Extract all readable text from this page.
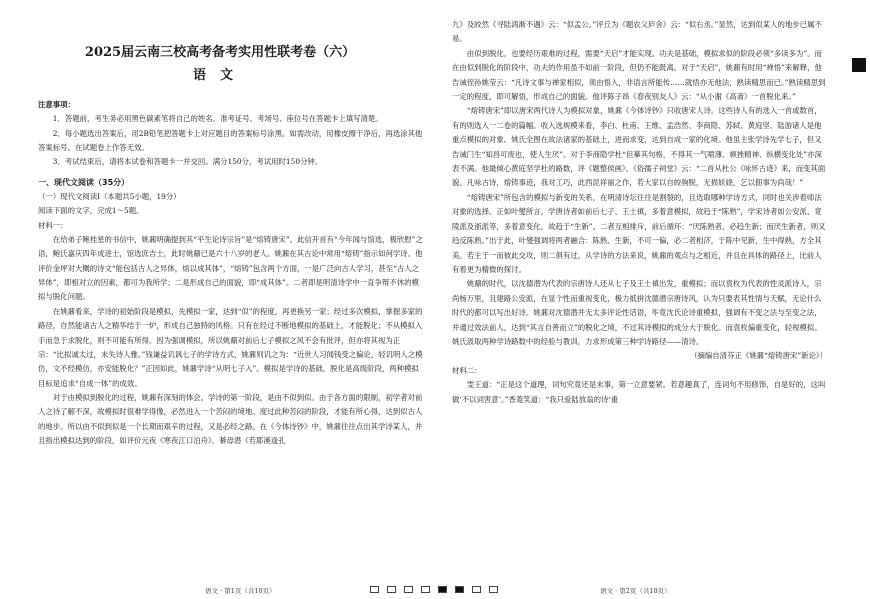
2025届云南三校高考备考实用性联考卷（六）
语文

注意事项：

1．答题前，考生务必用黑色碳素笔将自己的姓名、准考证号、考场号、座位号在答题卡上填写清楚。

2．每小题选出答案后，用2B铅笔把答题卡上对应题目的答案标号涂黑。如需改动，用橡皮擦干净后，再选涂其他答案标号。在试题卷上作答无效。

3．考试结束后，请将本试卷和答题卡一并交回。满分150分，考试用时150分钟。

一、现代文阅读（35分）

（一）现代文阅读Ⅰ（本题共5小题，19分）

阅读下面的文字，完成1～5题。

材料一：

在给弟子鲍桂星的书信中，姚鼐明确提到其“平生论诗宗旨”是“熔铸唐宋”。此信开首有“今年闻与馆选，极欣慰”之语，鲍氏嘉庆四年成进士，馆选庶吉士，此时姚鼐已是六十八岁的老人。姚鼐在其古论中常用“熔铸”指示如何学诗。他评价金坪对大概的诗文“能包括古人之异体，熔以成其体”，“熔铸”包含两个方面，一是广泛向古人学习，甚至“古人之异体”，即相对立的因素，都可为我所学；二是形成自己的面貌，即“成其体”。二者即是明清诗学中一直争辩不休的模拟与脱化问题。

在姚鼐看来，学诗的初始阶段是模拟，先模拟一家，达到“似”的程度，再更换另一家；经过多次模拟，掌握多家的路径，自然能诸古人之精华结于一炉，形成自己独特的风格。只有在经过不断地模拟的基础上，才能脱化；不从模拟入手而急于求脱化，则不可能有所得。因为强调模拟，所以姚鼐对前后七子模拟之风不会有批评，但亦将其视为正宗：“比拟诚太过，未失诗人雅。”钱谦益讥讽七子的学诗方式，姚鼐则讥之为：“近世人习闻钱受之偏论，轻讥明人之模仿，文不经模仿，亦安能脱化？”正因如此，姚鼐学诗“从明七子入”。模拟是学诗的基础，脱化是高级阶段，两种模拟目标是追求“自成一体”的成效。

对于由模拟到脱化的过程，姚鼐有深刻的体会。学诗的第一阶段，是由不似到似。由于各方面的限制，初学者对前人之诗了解不深，故模拟时很难学得像，必然进入一个苦闷的境地。度过此种苦闷的阶段，才能有所心得，达到似古人的地步。所以由不似到似是一个长期而艰辛的过程，又是必经之路。在《今体诗钞》中，姚鼐往往点出其学诗某人，并且指出模拟达到的阶段，如评价元夜《寒夜江口泊舟》、綦毋潜《若耶溪逢孔

语文 · 第1页（共10页）

九》及皎然《寻陆鸿渐不遇》云：“似孟公。”评丘为《题农父庐舍》云：“似右丞。”显然，达到似某人的地步已属不易。

由似到脱化，也要经历艰难的过程，需要“天启”才能实现。功夫是基础，模拟求似的阶段必须“多读多为”。而在由似到脱化的阶段中，功夫的作用虽不如前一阶段，但仍不能既离。对于“天启”，姚鼐有时用“禅悟”来解释，他告诫侄孙姚莹云：“凡诗文事与禅家相似，须由悟入，非语言所能传……就悟亦无他法，熟读精思而已。”熟读精思到一定的程度，即可解悟，形成自己的面貌。他评陈子昂《春夜别友人》云：“从小谢《高斋》一首脱化来。”

“熔铸唐宋”即以唐宋两代诗人为模拟对象，姚鼐《今体诗钞》只收唐宋人诗。这些诗人有的选入一首或数首，有的则选入一二卷的篇幅。收入选规模来看，李白、杜甫、王维、孟浩然、李商隐、苏轼、黄庭坚、陆游诸人是他重点模拟的对象。姚氏全图在故法诸家的基础上，进而求变，达到自成一家的化境。他虽主张学诗先学七子，但又告诫门生“知昌可废也，使人生厌”。对于李商隐学杜“但摹其句格，不得其一气喷薄、顿挫精神、纵横变化处”亦深表不满。他最倾心黄庭坚学杜的路数，评《题整侯画》、《俗孺子祠堂》云：“二首从杜公《咏怀古迹》来，而变其面貌。凡咏古诗，熔铸事迹，我对工巧，此西昆祥丽之作，若大家以自皎驹脱，无损妖娆，乞以佃事为尚哉！”

“熔铸唐宋”所包含的模拟与新变的关系，在明清诗坛往往是割裂的，且选取哪种学诗方式，同时也关涉着师法对象的选择。正如叶燮所言，学唐诗者如前后七子、王士禛，多着意模拟，故趋于“陈熟”，学宋诗者如公安派、竟陵派及浙派等，多着意变化，故趋于“生新”。二者互相排斥，前后循环：“厌陈熟者，必趋生新；而厌生新者，则又趋反陈熟。”出于此，叶燮强调将两者融合：陈熟、生新，不可一偏，必二者相济，于陈中见新，生中得熟，方全其美。若主于一而彼此交攻，则二俱有过。从学诗的方法来说，姚鼐的观点与之相近，并且在具体的路径上，比前人有着更为精微的探讨。

姚鼐的时代，以沈德潜为代表的宗唐诗人还从七子及王士禛出发，重模拟；而以袁枚为代表的性灵派诗人，宗尚杨万里，且建路公安派，在显个性而重视变化，极力抵拼沈德潜宗唐诗风，认为只要表其性情与天赋，无论什么时代的都可以写出好诗。姚鼐对沈德潜并无太多评论性话语，毕竟沈氏论诗重模拟，强调有不变之法与至变之法，并通过效法前人，达到“其言自善而立”的脱化之境，不过其诗模拟的成分大于脱化。而袁枚偏重变化，轻视模拟。姚氏汲取两种学诗路数中的经验与教训，力求形成第三种学诗路径——清诗。

（摘编自清芬正《姚鼐“熔铸唐宋”新论》）

材料二：

雯王道：“正是这个道理，词句究竟还是末事，第一立意要紧。若意趣真了，连词句不用修饰，自是好的，这叫做‘不以词害意’。”香菱笑道：“我只爱陆放翁的诗‘重

语文 · 第2页（共10页）
